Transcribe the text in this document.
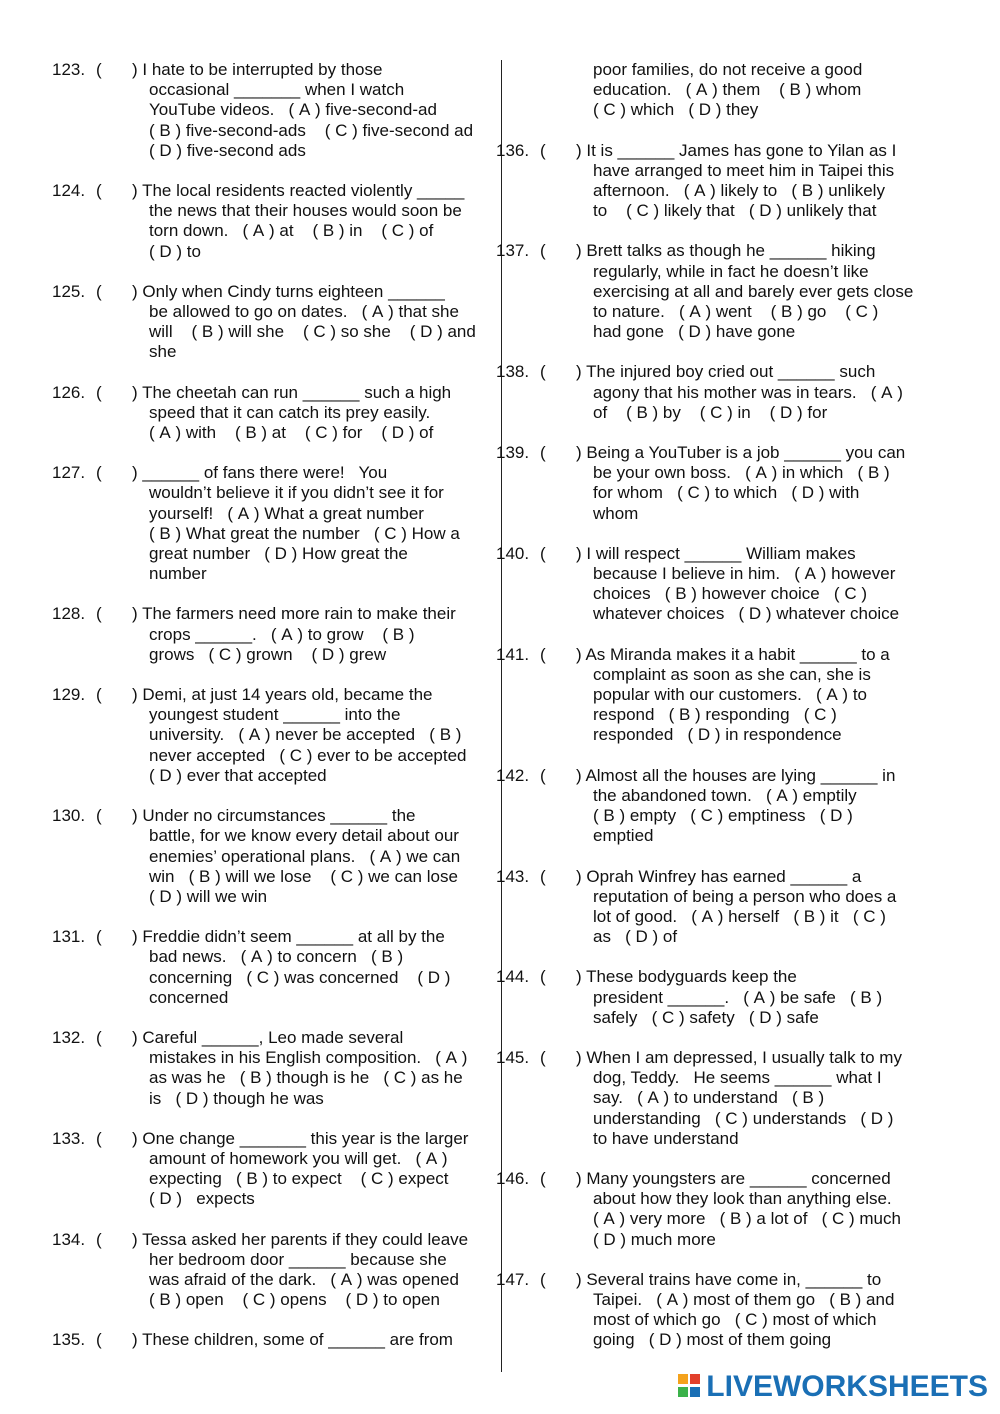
123. ( ) I hate to be interrupted by those
occasional _______ when I watch
YouTube videos.   ( A ) five-second-ad
( B ) five-second-ads    ( C ) five-second ad
( D ) five-second ads
124. ( ) The local residents reacted violently _____
the news that their houses would soon be
torn down.   ( A ) at    ( B ) in    ( C ) of
( D ) to
125. ( ) Only when Cindy turns eighteen ______
be allowed to go on dates.   ( A ) that she
will    ( B ) will she    ( C ) so she    ( D ) and
she
126. ( ) The cheetah can run ______ such a high
speed that it can catch its prey easily.
( A ) with    ( B ) at    ( C ) for    ( D ) of
127. ( ) ______ of fans there were!   You
wouldn’t believe it if you didn’t see it for
yourself!   ( A ) What a great number
( B ) What great the number   ( C ) How a
great number   ( D ) How great the
number
128. ( ) The farmers need more rain to make their
crops ______.   ( A ) to grow    ( B )
grows   ( C ) grown    ( D ) grew
129. ( ) Demi, at just 14 years old, became the
youngest student ______ into the
university.   ( A ) never be accepted   ( B )
never accepted   ( C ) ever to be accepted
( D ) ever that accepted
130. ( ) Under no circumstances ______ the
battle, for we know every detail about our
enemies’ operational plans.   ( A ) we can
win   ( B ) will we lose    ( C ) we can lose
( D ) will we win
131. ( ) Freddie didn’t seem ______ at all by the
bad news.   ( A ) to concern   ( B )
concerning   ( C ) was concerned    ( D )
concerned
132. ( ) Careful ______, Leo made several
mistakes in his English composition.   ( A )
as was he   ( B ) though is he   ( C ) as he
is   ( D ) though he was
133. ( ) One change _______ this year is the larger
amount of homework you will get.   ( A )
expecting   ( B ) to expect    ( C ) expect
( D )   expects
134. ( ) Tessa asked her parents if they could leave
her bedroom door ______ because she
was afraid of the dark.   ( A ) was opened
( B ) open    ( C ) opens    ( D ) to open
135. ( ) These children, some of ______ are from
poor families, do not receive a good
education.   ( A ) them    ( B ) whom
( C ) which   ( D ) they
136. ( ) It is ______ James has gone to Yilan as I
have arranged to meet him in Taipei this
afternoon.   ( A ) likely to   ( B ) unlikely
to    ( C ) likely that   ( D ) unlikely that
137. ( ) Brett talks as though he ______ hiking
regularly, while in fact he doesn’t like
exercising at all and barely ever gets close
to nature.   ( A ) went    ( B ) go    ( C )
had gone   ( D ) have gone
138. ( ) The injured boy cried out ______ such
agony that his mother was in tears.   ( A )
of    ( B ) by    ( C ) in    ( D ) for
139. ( ) Being a YouTuber is a job ______ you can
be your own boss.   ( A ) in which   ( B )
for whom   ( C ) to which   ( D ) with
whom
140. ( ) I will respect ______ William makes
because I believe in him.   ( A ) however
choices   ( B ) however choice   ( C )
whatever choices   ( D ) whatever choice
141. ( ) As Miranda makes it a habit ______ to a
complaint as soon as she can, she is
popular with our customers.   ( A ) to
respond   ( B ) responding   ( C )
responded   ( D ) in respondence
142. ( ) Almost all the houses are lying ______ in
the abandoned town.   ( A ) emptily
( B ) empty   ( C ) emptiness   ( D )
emptied
143. ( ) Oprah Winfrey has earned ______ a
reputation of being a person who does a
lot of good.   ( A ) herself   ( B ) it   ( C )
as   ( D ) of
144. ( ) These bodyguards keep the
president ______.   ( A ) be safe   ( B )
safely   ( C ) safety   ( D ) safe
145. ( ) When I am depressed, I usually talk to my
dog, Teddy.   He seems ______ what I
say.   ( A ) to understand   ( B )
understanding   ( C ) understands   ( D )
to have understand
146. ( ) Many youngsters are ______ concerned
about how they look than anything else.
( A ) very more   ( B ) a lot of   ( C ) much
( D ) much more
147. ( ) Several trains have come in, ______ to
Taipei.   ( A ) most of them go   ( B ) and
most of which go   ( C ) most of which
going   ( D ) most of them going
LIVEWORKSHEETS
